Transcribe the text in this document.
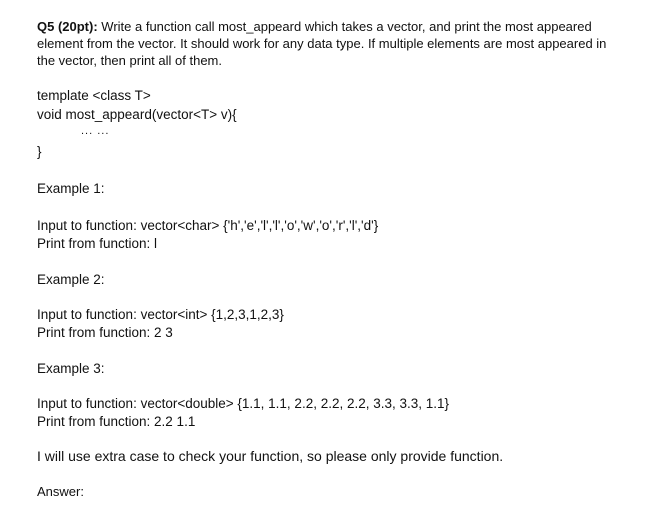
Q5 (20pt): Write a function call most_appeard which takes a vector, and print the most appeared element from the vector. It should work for any data type. If multiple elements are most appeared in the vector, then print all of them.

template <class T>
void most_appeard(vector<T> v){
... ...
}

Example 1:

Input to function: vector<char> {'h','e','l','l','o','w','o','r','l','d'}
Print from function: l

Example 2:

Input to function: vector<int> {1,2,3,1,2,3}
Print from function: 2 3

Example 3:

Input to function: vector<double> {1.1, 1.1, 2.2, 2.2, 2.2, 3.3, 3.3, 1.1}
Print from function: 2.2 1.1
I will use extra case to check your function, so please only provide function.
Answer:
